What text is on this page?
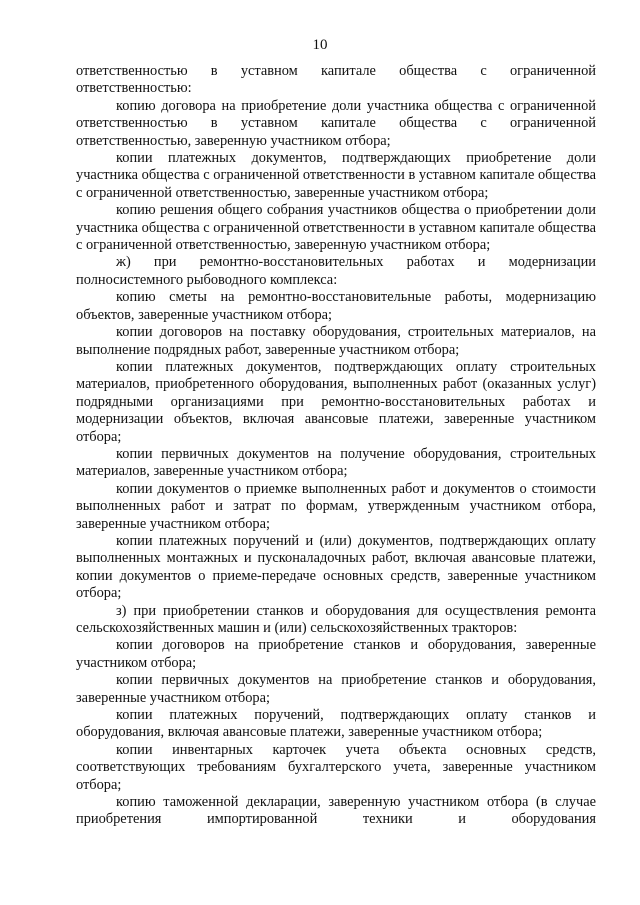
10

ответственностью в уставном капитале общества с ограниченной ответственностью:

копию договора на приобретение доли участника общества с ограниченной ответственностью в уставном капитале общества с ограниченной ответственностью, заверенную участником отбора;

копии платежных документов, подтверждающих приобретение доли участника общества с ограниченной ответственности в уставном капитале общества с ограниченной ответственностью, заверенные участником отбора;

копию решения общего собрания участников общества о приобретении доли участника общества с ограниченной ответственности в уставном капитале общества с ограниченной ответственностью, заверенную участником отбора;

ж) при ремонтно-восстановительных работах и модернизации полносистемного рыбоводного комплекса:

копию сметы на ремонтно-восстановительные работы, модернизацию объектов, заверенные участником отбора;

копии договоров на поставку оборудования, строительных материалов, на выполнение подрядных работ, заверенные участником отбора;

копии платежных документов, подтверждающих оплату строительных материалов, приобретенного оборудования, выполненных работ (оказанных услуг) подрядными организациями при ремонтно-восстановительных работах и модернизации объектов, включая авансовые платежи, заверенные участником отбора;

копии первичных документов на получение оборудования, строительных материалов, заверенные участником отбора;

копии документов о приемке выполненных работ и документов о стоимости выполненных работ и затрат по формам, утвержденным участником отбора, заверенные участником отбора;

копии платежных поручений и (или) документов, подтверждающих оплату выполненных монтажных и пусконаладочных работ, включая авансовые платежи, копии документов о приеме-передаче основных средств, заверенные участником отбора;

з) при приобретении станков и оборудования для осуществления ремонта сельскохозяйственных машин и (или) сельскохозяйственных тракторов:

копии договоров на приобретение станков и оборудования, заверенные участником отбора;

копии первичных документов на приобретение станков и оборудования, заверенные участником отбора;

копии платежных поручений, подтверждающих оплату станков и оборудования, включая авансовые платежи, заверенные участником отбора;

копии инвентарных карточек учета объекта основных средств, соответствующих требованиям бухгалтерского учета, заверенные участником отбора;

копию таможенной декларации, заверенную участником отбора (в случае приобретения импортированной техники и оборудования
